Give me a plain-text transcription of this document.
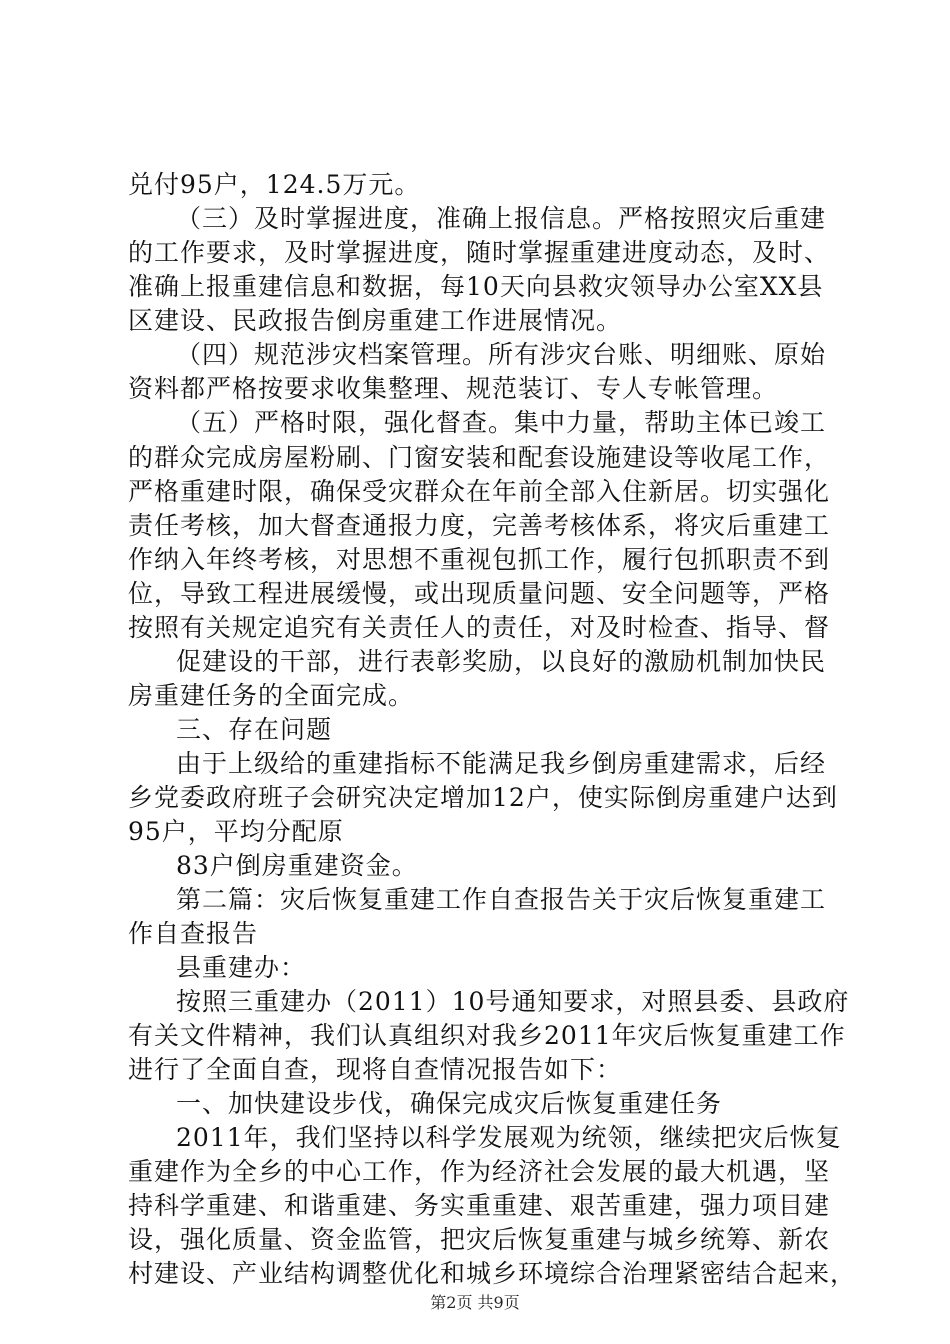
兑付95户，124.5万元。
（三）及时掌握进度，准确上报信息。严格按照灾后重建
的工作要求，及时掌握进度，随时掌握重建进度动态，及时、
准确上报重建信息和数据，每10天向县救灾领导办公室XX县
区建设、民政报告倒房重建工作进展情况。
（四）规范涉灾档案管理。所有涉灾台账、明细账、原始
资料都严格按要求收集整理、规范装订、专人专帐管理。
（五）严格时限，强化督查。集中力量，帮助主体已竣工
的群众完成房屋粉刷、门窗安装和配套设施建设等收尾工作，
严格重建时限，确保受灾群众在年前全部入住新居。切实强化
责任考核，加大督查通报力度，完善考核体系，将灾后重建工
作纳入年终考核，对思想不重视包抓工作，履行包抓职责不到
位，导致工程进展缓慢，或出现质量问题、安全问题等，严格
按照有关规定追究有关责任人的责任，对及时检查、指导、督
促建设的干部，进行表彰奖励，以良好的激励机制加快民
房重建任务的全面完成。
三、存在问题
由于上级给的重建指标不能满足我乡倒房重建需求，后经
乡党委政府班子会研究决定增加12户，使实际倒房重建户达到
95户，平均分配原
83户倒房重建资金。
第二篇：灾后恢复重建工作自查报告关于灾后恢复重建工
作自查报告
县重建办：
按照三重建办（2011）10号通知要求，对照县委、县政府
有关文件精神，我们认真组织对我乡2011年灾后恢复重建工作
进行了全面自查，现将自查情况报告如下：
一、加快建设步伐，确保完成灾后恢复重建任务
2011年，我们坚持以科学发展观为统领，继续把灾后恢复
重建作为全乡的中心工作，作为经济社会发展的最大机遇，坚
持科学重建、和谐重建、务实重重建、艰苦重建，强力项目建
设，强化质量、资金监管，把灾后恢复重建与城乡统筹、新农
村建设、产业结构调整优化和城乡环境综合治理紧密结合起来，
第2页 共9页
